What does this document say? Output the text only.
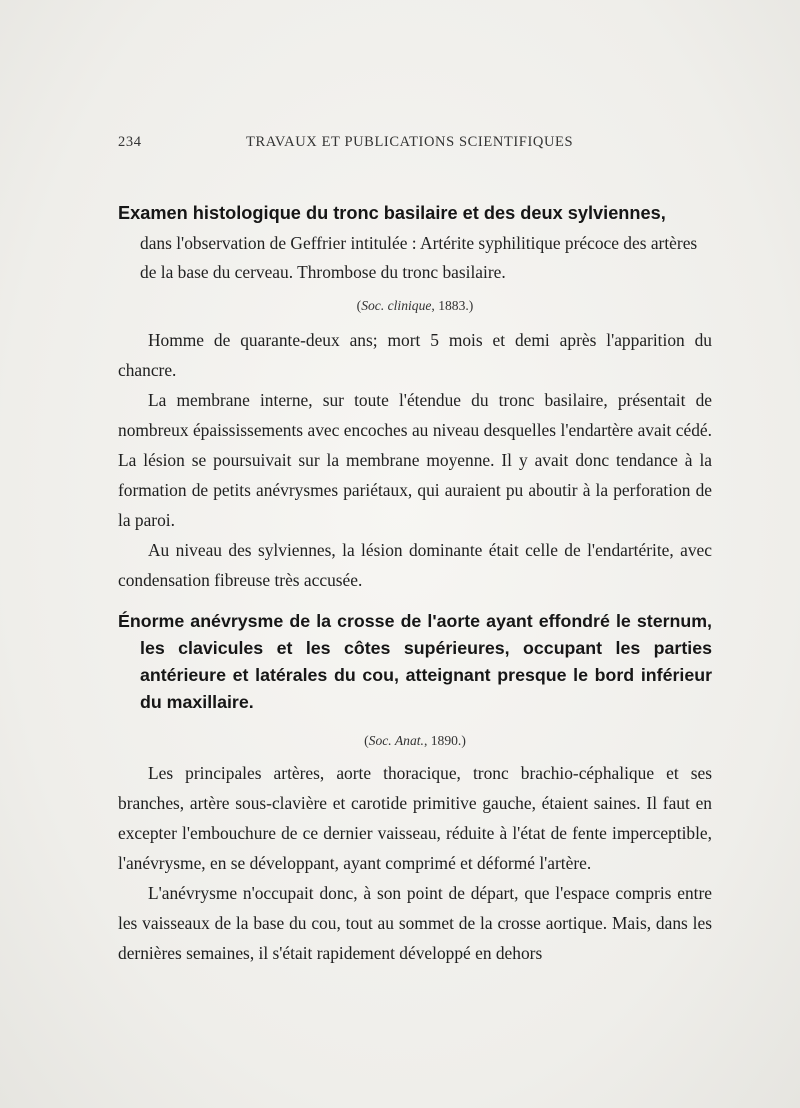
234	TRAVAUX ET PUBLICATIONS SCIENTIFIQUES
Examen histologique du tronc basilaire et des deux sylviennes,
dans l'observation de Geffrier intitulée : Artérite syphilitique précoce des artères de la base du cerveau. Thrombose du tronc basilaire.
(Soc. clinique, 1883.)

Homme de quarante-deux ans; mort 5 mois et demi après l'apparition du chancre.

La membrane interne, sur toute l'étendue du tronc basilaire, présentait de nombreux épaississements avec encoches au niveau desquelles l'endartère avait cédé. La lésion se poursuivait sur la membrane moyenne. Il y avait donc tendance à la formation de petits anévrysmes pariétaux, qui auraient pu aboutir à la perforation de la paroi.

Au niveau des sylviennes, la lésion dominante était celle de l'endartérite, avec condensation fibreuse très accusée.

Énorme anévrysme de la crosse de l'aorte ayant effondré le sternum, les clavicules et les côtes supérieures, occupant les parties antérieure et latérales du cou, atteignant presque le bord inférieur du maxillaire.
(Soc. Anat., 1890.)

Les principales artères, aorte thoracique, tronc brachio-céphalique et ses branches, artère sous-clavière et carotide primitive gauche, étaient saines. Il faut en excepter l'embouchure de ce dernier vaisseau, réduite à l'état de fente imperceptible, l'anévrysme, en se développant, ayant comprimé et déformé l'artère.

L'anévrysme n'occupait donc, à son point de départ, que l'espace compris entre les vaisseaux de la base du cou, tout au sommet de la crosse aortique. Mais, dans les dernières semaines, il s'était rapidement développé en dehors
